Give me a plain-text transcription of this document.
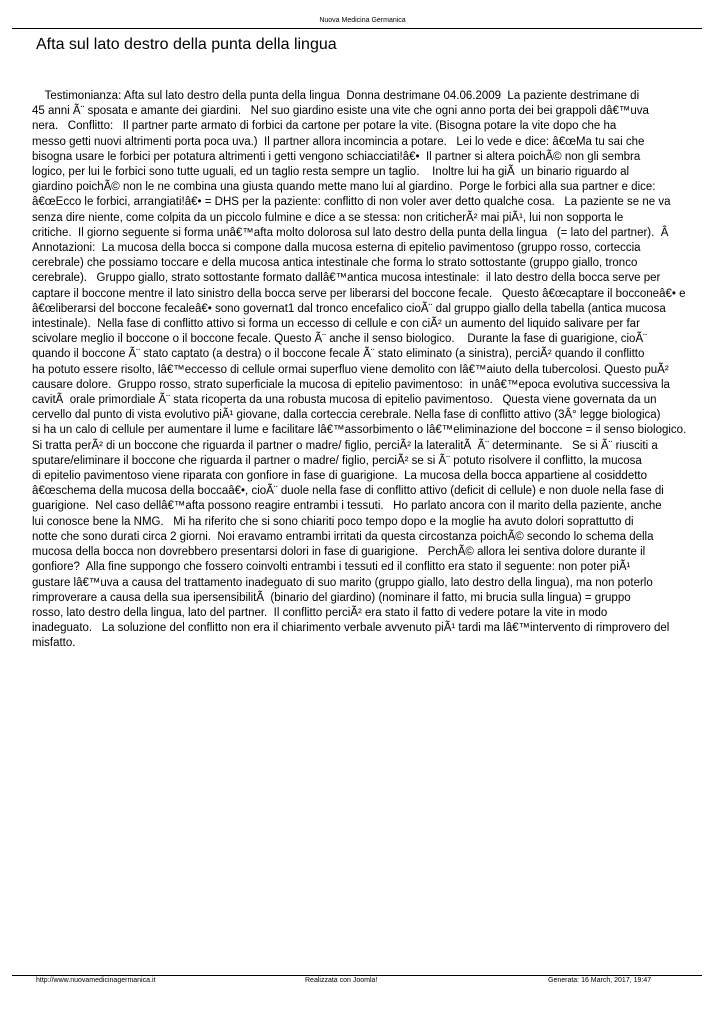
Nuova Medicina Germanica
Afta sul lato destro della punta della lingua
Testimonianza: Afta sul lato destro della punta della lingua  Donna destrimane 04.06.2009  La paziente destrimane di
45 anni Ã¨ sposata e amante dei giardini.   Nel suo giardino esiste una vite che ogni anno porta dei bei grappoli dâ€™uva
nera.   Conflitto:   Il partner parte armato di forbici da cartone per potare la vite. (Bisogna potare la vite dopo che ha
messo getti nuovi altrimenti porta poca uva.)  Il partner allora incomincia a potare.   Lei lo vede e dice: â€œMa tu sai che
bisogna usare le forbici per potatura altrimenti i getti vengono schiacciati!â€•  Il partner si altera poichÃ© non gli sembra
logico, per lui le forbici sono tutte uguali, ed un taglio resta sempre un taglio.    Inoltre lui ha giÃ  un binario riguardo al
giardino poichÃ© non le ne combina una giusta quando mette mano lui al giardino.  Porge le forbici alla sua partner e dice:
â€œEcco le forbici, arrangiati!â€• = DHS per la paziente: conflitto di non voler aver detto qualche cosa.   La paziente se ne va
senza dire niente, come colpita da un piccolo fulmine e dice a se stessa: non criticherÃ² mai piÃ¹, lui non sopporta le
critiche.  Il giorno seguente si forma unâ€™afta molto dolorosa sul lato destro della punta della lingua   (= lato del partner).  Â
Annotazioni:  La mucosa della bocca si compone dalla mucosa esterna di epitelio pavimentoso (gruppo rosso, corteccia
cerebrale) che possiamo toccare e della mucosa antica intestinale che forma lo strato sottostante (gruppo giallo, tronco
cerebrale).   Gruppo giallo, strato sottostante formato dallâ€™antica mucosa intestinale:  il lato destro della bocca serve per
captare il boccone mentre il lato sinistro della bocca serve per liberarsi del boccone fecale.   Questo â€œcaptare il bocconeâ€• e
â€œliberarsi del boccone fecaleâ€• sono governat1 dal tronco encefalico cioÃ¨ dal gruppo giallo della tabella (antica mucosa
intestinale).  Nella fase di conflitto attivo si forma un eccesso di cellule e con ciÃ² un aumento del liquido salivare per far
scivolare meglio il boccone o il boccone fecale. Questo Ã¨ anche il senso biologico.    Durante la fase di guarigione, cioÃ¨
quando il boccone Ã¨ stato captato (a destra) o il boccone fecale Ã¨ stato eliminato (a sinistra), perciÃ² quando il conflitto
ha potuto essere risolto, lâ€™eccesso di cellule ormai superfluo viene demolito con lâ€™aiuto della tubercolosi. Questo puÃ²
causare dolore.  Gruppo rosso, strato superficiale la mucosa di epitelio pavimentoso:  in unâ€™epoca evolutiva successiva la
cavitÃ  orale primordiale Ã¨ stata ricoperta da una robusta mucosa di epitelio pavimentoso.   Questa viene governata da un
cervello dal punto di vista evolutivo piÃ¹ giovane, dalla corteccia cerebrale. Nella fase di conflitto attivo (3Â° legge biologica)
si ha un calo di cellule per aumentare il lume e facilitare lâ€™assorbimento o lâ€™eliminazione del boccone = il senso biologico.
Si tratta perÃ² di un boccone che riguarda il partner o madre/ figlio, perciÃ² la lateralitÃ  Ã¨ determinante.   Se si Ã¨ riusciti a
sputare/eliminare il boccone che riguarda il partner o madre/ figlio, perciÃ² se si Ã¨ potuto risolvere il conflitto, la mucosa
di epitelio pavimentoso viene riparata con gonfiore in fase di guarigione.  La mucosa della bocca appartiene al cosiddetto
â€œschema della mucosa della boccaâ€•, cioÃ¨ duole nella fase di conflitto attivo (deficit di cellule) e non duole nella fase di
guarigione.  Nel caso dellâ€™afta possono reagire entrambi i tessuti.   Ho parlato ancora con il marito della paziente, anche
lui conosce bene la NMG.   Mi ha riferito che si sono chiariti poco tempo dopo e la moglie ha avuto dolori soprattutto di
notte che sono durati circa 2 giorni.  Noi eravamo entrambi irritati da questa circostanza poichÃ© secondo lo schema della
mucosa della bocca non dovrebbero presentarsi dolori in fase di guarigione.   PerchÃ© allora lei sentiva dolore durante il
gonfiore?  Alla fine suppongo che fossero coinvolti entrambi i tessuti ed il conflitto era stato il seguente: non poter piÃ¹
gustare lâ€™uva a causa del trattamento inadeguato di suo marito (gruppo giallo, lato destro della lingua), ma non poterlo
rimproverare a causa della sua ipersensibilitÃ  (binario del giardino) (nominare il fatto, mi brucia sulla lingua) = gruppo
rosso, lato destro della lingua, lato del partner.  Il conflitto perciÃ² era stato il fatto di vedere potare la vite in modo
inadeguato.   La soluzione del conflitto non era il chiarimento verbale avvenuto piÃ¹ tardi ma lâ€™intervento di rimprovero del
misfatto.
http://www.nuovamedicinagermanica.it	Realizzata con Joomla!	Generata: 16 March, 2017, 19:47
